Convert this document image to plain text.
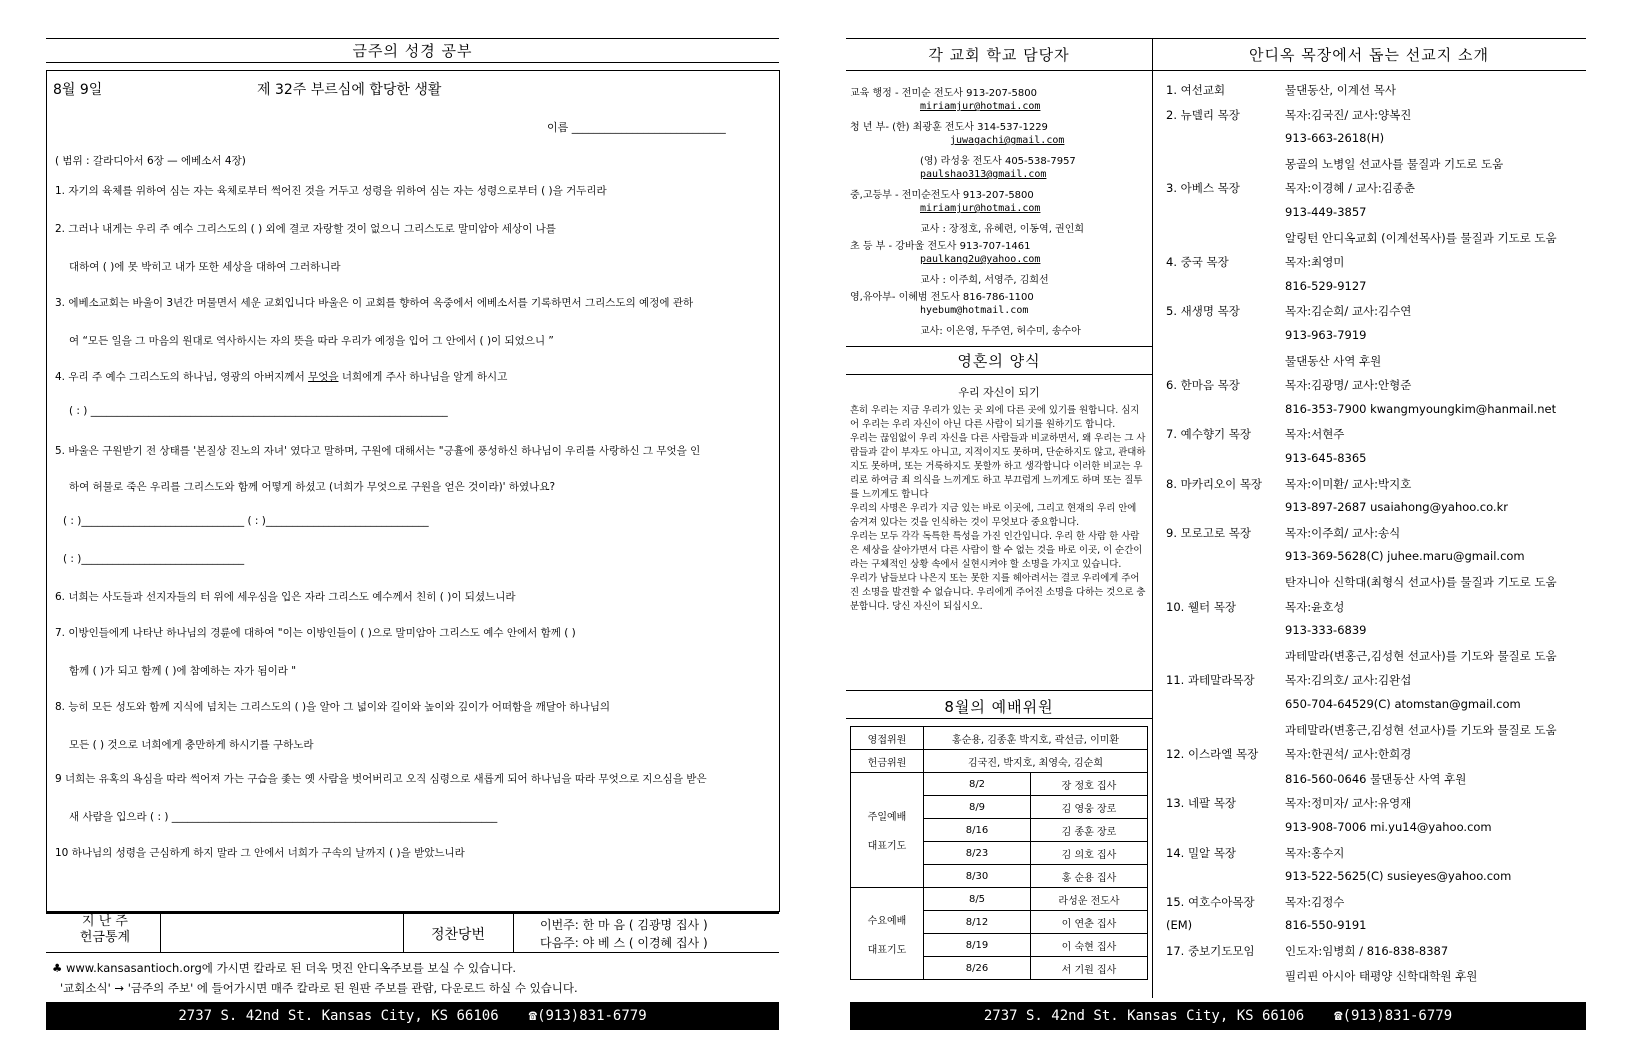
금주의 성경 공부
8월 9일	제 32주 부르심에 합당한 생활
이름 ____________________________
( 범위 : 갈라디아서 6장 — 에베소서 4장)
1. 자기의 육체를 위하여 심는 자는 육체로부터 썩어진 것을 거두고 성령을 위하여 심는 자는 성령으로부터 ( )을 거두리라
2. 그러나 내게는 우리 주 예수 그리스도의 ( ) 외에 결코 자랑할 것이 없으니 그리스도로 말미암아 세상이 나를
대하여 ( )에 못 박히고 내가 또한 세상을 대하여 그러하니라
3. 에베소교회는 바울이 3년간 머물면서 세운 교회입니다 바울은 이 교회를 향하여 옥중에서 에베소서를 기록하면서 그리스도의 예정에 관하
여 “모든 일을 그 마음의 원대로 역사하시는 자의 뜻을 따라 우리가 예정을 입어 그 안에서 ( )이 되었으니 ”
4. 우리 주 예수 그리스도의 하나님, 영광의 아버지께서 무엇을 너희에게 주사 하나님을 알게 하시고
( : ) ____________________________________________________________________
5. 바울은 구원받기 전 상태를 '본질상 진노의 자녀' 였다고 말하며, 구원에 대해서는 "긍휼에 풍성하신 하나님이 우리를 사랑하신 그 무엇을 인
하여 허물로 죽은 우리를 그리스도와 함께 어떻게 하셨고 (너희가 무엇으로 구원을 얻은 것이라)' 하였나요?
( : )_______________________________ ( : )_______________________________
( : )_______________________________
6. 너희는 사도들과 선지자들의 터 위에 세우심을 입은 자라 그리스도 예수께서 친히 ( )이 되셨느니라
7. 이방인들에게 나타난 하나님의 경륜에 대하여 "이는 이방인들이 ( )으로 말미암아 그리스도 예수 안에서 함께 ( )
함께 ( )가 되고 함께 ( )에 참예하는 자가 됨이라 "
8. 능히 모든 성도와 함께 지식에 넘치는 그리스도의 ( )을 알아 그 넓이와 길이와 높이와 깊이가 어떠함을 깨달아 하나님의
모든 ( ) 것으로 너희에게 충만하게 하시기를 구하노라
9 너희는 유혹의 욕심을 따라 썩어져 가는 구습을 좇는 옛 사람을 벗어버리고 오직 심령으로 새롭게 되어 하나님을 따라 무엇으로 지으심을 받은
새 사람을 입으라 ( : ) ______________________________________________________________
10 하나님의 성령을 근심하게 하지 말라 그 안에서 너희가 구속의 날까지 ( )을 받았느니라
지 난 주
헌금통계	정찬당번
이번주: 한 마 음 ( 김광명 집사 )
다음주: 야 베 스 ( 이경혜 집사 )
♣ www.kansasantioch.org에 가시면 칼라로 된 더욱 멋진 안디옥주보를 보실 수 있습니다.
'교회소식' → '금주의 주보' 에 들어가시면 매주 칼라로 된 원판 주보를 관람, 다운로드 하실 수 있습니다.
2737 S. 42nd St. Kansas City, KS 66106 ☎(913)831-6779
각 교회 학교 담당자
교육 행정 - 전미순 전도사 913-207-5800
miriamjur@hotmai.com
청 년 부- (한) 최광훈 전도사 314-537-1229
juwagachi@gmail.com
(영) 라성웅 전도사 405-538-7957
paulshao313@gmail.com
중,고등부 - 전미순전도사 913-207-5800
miriamjur@hotmai.com
교사 : 장정호, 유혜련, 이동역, 권인희
초 등 부 - 강바울 전도사 913-707-1461
paulkang2u@yahoo.com
교사 : 이주희, 서영주, 김희선
영,유아부- 이혜범 전도사 816-786-1100
hyebum@hotmail.com
교사: 이은영, 두주연, 허수미, 송수아
영혼의 양식
우리 자신이 되기
흔히 우리는 지금 우리가 있는 곳 외에 다른 곳에 있기를 원합니다. 심지어 우리는 우리 자신이 아닌 다른 사람이 되기를 원하기도 합니다.
우리는 끊임없이 우리 자신을 다른 사람들과 비교하면서, 왜 우리는 그 사람들과 같이 부자도 아니고, 지적이지도 못하며, 단순하지도 않고, 관대하지도 못하며, 또는 거룩하지도 못할까 하고 생각합니다 이러한 비교는 우리로 하여금 죄 의식을 느끼게도 하고 부끄럽게 느끼게도 하며 또는 질투를 느끼게도 합니다
우리의 사명은 우리가 지금 있는 바로 이곳에, 그리고 현재의 우리 안에 숨겨져 있다는 것을 인식하는 것이 무엇보다 중요합니다.
우리는 모두 각각 독특한 특성을 가진 인간입니다. 우리 한 사람 한 사람은 세상을 살아가면서 다른 사람이 할 수 없는 것을 바로 이곳, 이 순간이라는 구체적인 상황 속에서 실현시켜야 할 소명을 가지고 있습니다.
우리가 남들보다 나은지 또는 못한 지를 헤아려서는 결코 우리에게 주어진 소명을 발견할 수 없습니다. 우리에게 주어진 소명을 다하는 것으로 충분합니다. 당신 자신이 되십시오.
8월의 예배위원
영접위원	홍순용, 김종훈 박지호, 곽선금, 이미환	
헌금위원	김국진, 박지호, 최영숙, 김순희	

주일예배
대표기도	8/2	장 정호 집사
	8/9	김 영웅 장로
	8/16	김 종훈 장로
	8/23	김 의호 집사
	8/30	홍 순용 집사

수요예배
대표기도	8/5	라성운 전도사
	8/12	이 연춘 집사
	8/19	이 숙현 집사
	8/26	서 기원 집사
안디옥 목장에서 돕는 선교지 소개
1. 여선교회	물댄동산, 이계선 목사
2. 뉴델리 목장	목자:김국진/ 교사:양복진
913-663-2618(H)
몽골의 노병일 선교사를 물질과 기도로 도움
3. 아베스 목장	목자:이경혜 / 교사:김종춘
913-449-3857
알링턴 안디옥교회 (이계선목사)를 물질과 기도로 도움
4. 중국 목장	목자:최영미
816-529-9127
5. 새생명 목장	목자:김순희/ 교사:김수연
913-963-7919
물댄동산 사역 후원
6. 한마음 목장	목자:김광명/ 교사:안형준
816-353-7900 kwangmyoungkim@hanmail.net
7. 예수향기 목장	목자:서현주
913-645-8365
8. 마카리오이 목장 목자:이미환/ 교사:박지호
913-897-2687 usaiahong@yahoo.co.kr
9. 모로고로 목장	목자:이주희/ 교사:송식
913-369-5628(C) juhee.maru@gmail.com
탄자니아 신학대(최형식 선교사)를 물질과 기도로 도움
10. 웰터 목장	목자:윤호성
913-333-6839
과테말라(변홍근,김성현 선교사)를 기도와 물질로 도움
11. 과테말라목장	목자:김의호/ 교사:김완섭
650-704-64529(C) atomstan@gmail.com
과테말라(변홍근,김성현 선교사)를 기도와 물질로 도움
12. 이스라엘 목장 목자:한권석/ 교사:한희경
816-560-0646 물댄동산 사역 후원
13. 네팔 목장	목자:정미자/ 교사:유영재
913-908-7006 mi.yu14@yahoo.com
14. 밀알 목장	목자:홍수지
913-522-5625(C) susieyes@yahoo.com
15. 여호수아목장	목자:김정수
(EM)	816-550-9191
17. 중보기도모임	인도자:임병희 / 816-838-8387
필리핀 아시아 태평양 신학대학원 후원
2737 S. 42nd St. Kansas City, KS 66106 ☎(913)831-6779
